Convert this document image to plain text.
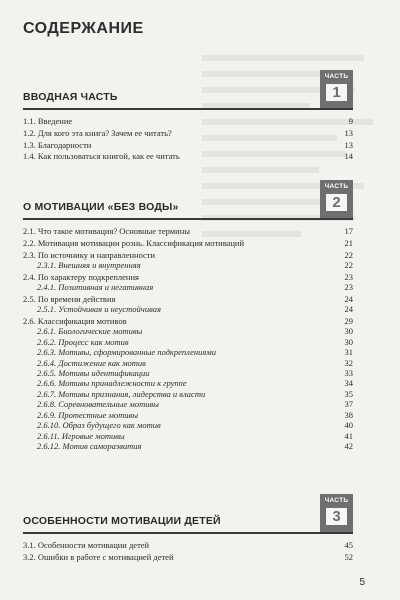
СОДЕРЖАНИЕ
ВВОДНАЯ ЧАСТЬ
ЧАСТЬ
1
1.1. Введение	9
1.2. Для кого эта книга? Зачем ее читать?	13
1.3. Благодарности	13
1.4. Как пользоваться книгой, как ее читать	14
О МОТИВАЦИИ «БЕЗ ВОДЫ»
ЧАСТЬ
2
2.1. Что такое мотивация? Основные термины	17
2.2. Мотивация мотивации рознь. Классификация мотиваций	21
2.3. По источнику и направленности	22
2.3.1. Внешняя и внутренняя	22
2.4. По характеру подкрепления	23
2.4.1. Позитивная и негативная	23
2.5. По времени действия	24
2.5.1. Устойчивая и неустойчивая	24
2.6. Классификация мотивов	29
2.6.1. Биологические мотивы	30
2.6.2. Процесс как мотив	30
2.6.3. Мотивы, сформированные подкреплениями	31
2.6.4. Достижение как мотив	32
2.6.5. Мотивы идентификации	33
2.6.6. Мотивы принадлежности к группе	34
2.6.7. Мотивы признания, лидерства и власти	35
2.6.8. Соревновательные мотивы	37
2.6.9. Протестные мотивы	38
2.6.10. Образ будущего как мотив	40
2.6.11. Игровые мотивы	41
2.6.12. Мотив саморазвития	42
ОСОБЕННОСТИ МОТИВАЦИИ ДЕТЕЙ
ЧАСТЬ
3
3.1. Особенности мотивации детей	45
3.2. Ошибки в работе с мотивацией детей	52
5
